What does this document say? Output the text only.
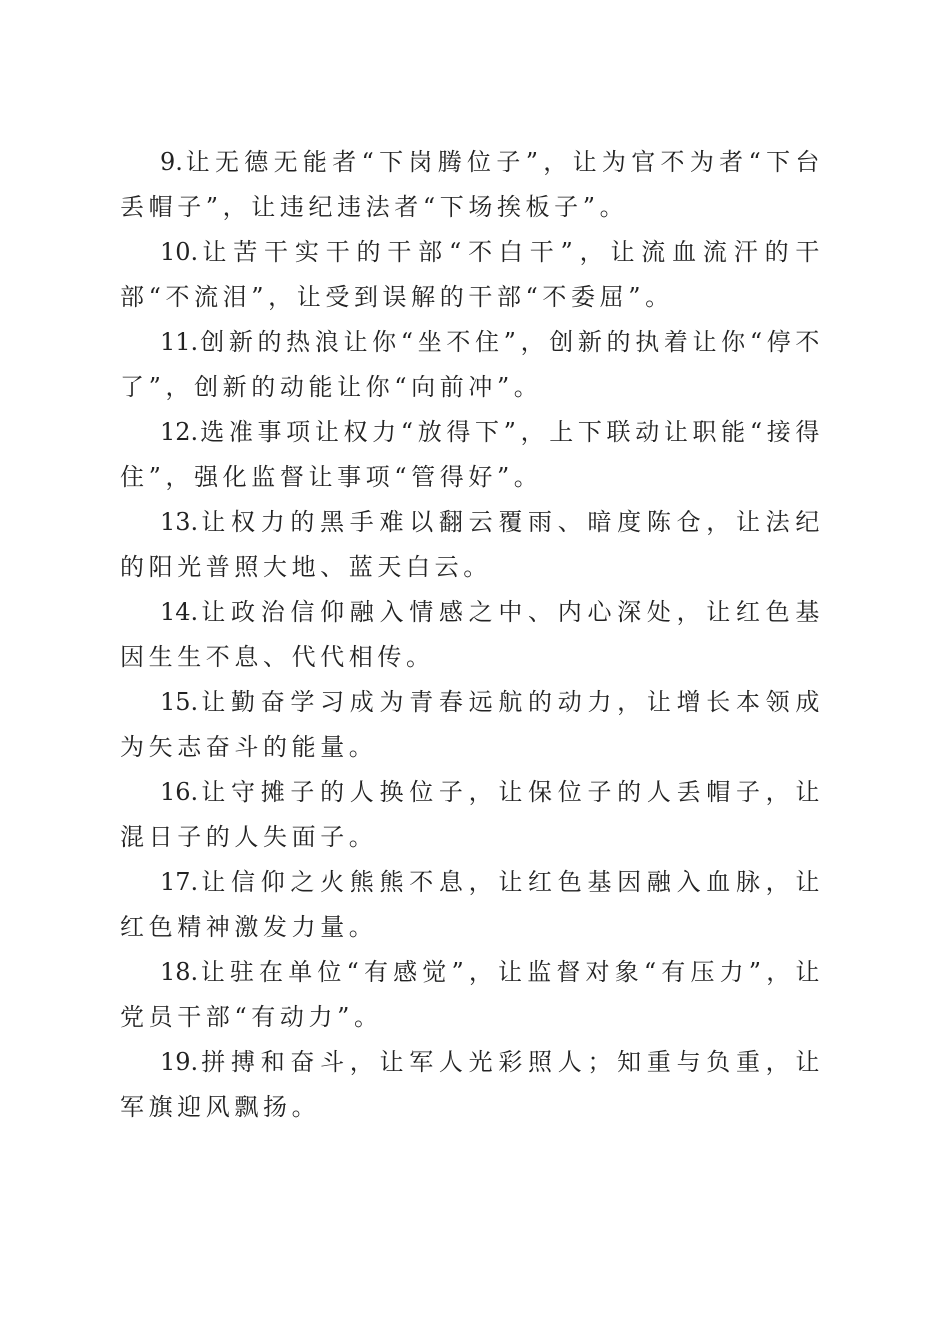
9.让无德无能者“下岗腾位子”，让为官不为者“下台丢帽子”，让违纪违法者“下场挨板子”。

10.让苦干实干的干部“不白干”，让流血流汗的干部“不流泪”，让受到误解的干部“不委屈”。

11.创新的热浪让你“坐不住”，创新的执着让你“停不了”，创新的动能让你“向前冲”。

12.选准事项让权力“放得下”，上下联动让职能“接得住”，强化监督让事项“管得好”。

13.让权力的黑手难以翻云覆雨、暗度陈仓，让法纪的阳光普照大地、蓝天白云。

14.让政治信仰融入情感之中、内心深处，让红色基因生生不息、代代相传。

15.让勤奋学习成为青春远航的动力，让增长本领成为矢志奋斗的能量。

16.让守摊子的人换位子，让保位子的人丢帽子，让混日子的人失面子。

17.让信仰之火熊熊不息，让红色基因融入血脉，让红色精神激发力量。

18.让驻在单位“有感觉”，让监督对象“有压力”，让党员干部“有动力”。

19.拼搏和奋斗，让军人光彩照人；知重与负重，让军旗迎风飘扬。
